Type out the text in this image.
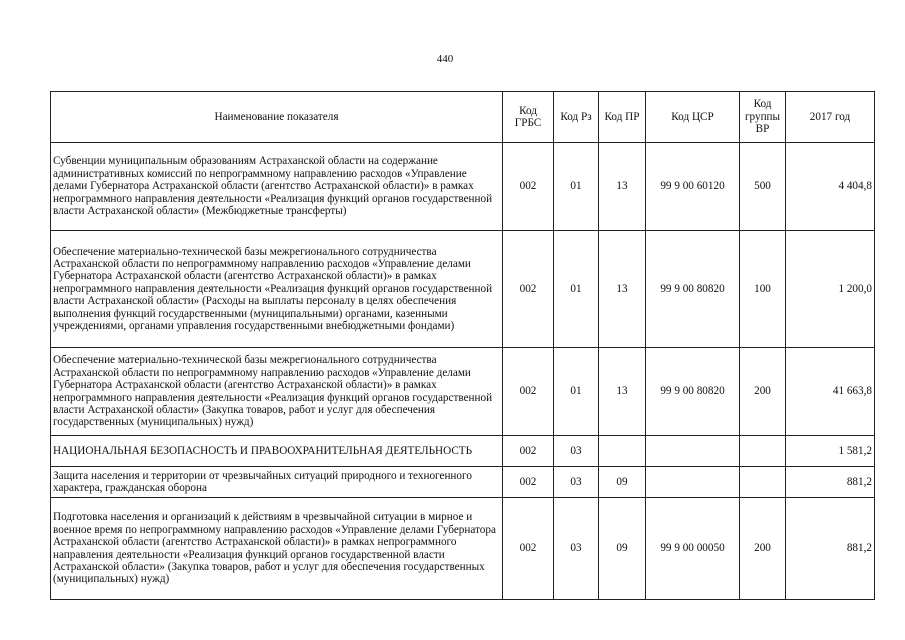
440
Наименование показателя	Код ГРБС	Код Рз	Код ПР	Код ЦСР	Код группы ВР	2017 год
Субвенции муниципальным образованиям Астраханской области на содержание административных комиссий по непрограммному направлению расходов «Управление делами Губернатора Астраханской области (агентство Астраханской области)» в рамках непрограммного направления деятельности «Реализация функций органов государственной власти Астраханской области» (Межбюджетные трансферты)	002	01	13	99 9 00 60120	500	4 404,8
Обеспечение материально-технической базы межрегионального сотрудничества Астраханской области по непрограммному направлению расходов «Управление делами Губернатора Астраханской области (агентство Астраханской области)» в рамках непрограммного направления деятельности «Реализация функций органов государственной власти Астраханской области» (Расходы на выплаты персоналу в целях обеспечения выполнения функций государственными (муниципальными) органами, казенными учреждениями, органами управления государственными внебюджетными фондами)	002	01	13	99 9 00 80820	100	1 200,0
Обеспечение материально-технической базы межрегионального сотрудничества Астраханской области по непрограммному направлению расходов «Управление делами Губернатора Астраханской области (агентство Астраханской области)» в рамках непрограммного направления деятельности «Реализация функций органов государственной власти Астраханской области» (Закупка товаров, работ и услуг для обеспечения государственных (муниципальных) нужд)	002	01	13	99 9 00 80820	200	41 663,8
НАЦИОНАЛЬНАЯ БЕЗОПАСНОСТЬ И ПРАВООХРАНИТЕЛЬНАЯ ДЕЯТЕЛЬНОСТЬ	002	03				1 581,2
Защита населения и территории от чрезвычайных ситуаций природного и техногенного характера, гражданская оборона	002	03	09			881,2
Подготовка населения и организаций к действиям в чрезвычайной ситуации в мирное и военное время по непрограммному направлению расходов «Управление делами Губернатора Астраханской области (агентство Астраханской области)» в рамках непрограммного направления деятельности «Реализация функций органов государственной власти Астраханской области» (Закупка товаров, работ и услуг для обеспечения государственных (муниципальных) нужд)	002	03	09	99 9 00 00050	200	881,2
